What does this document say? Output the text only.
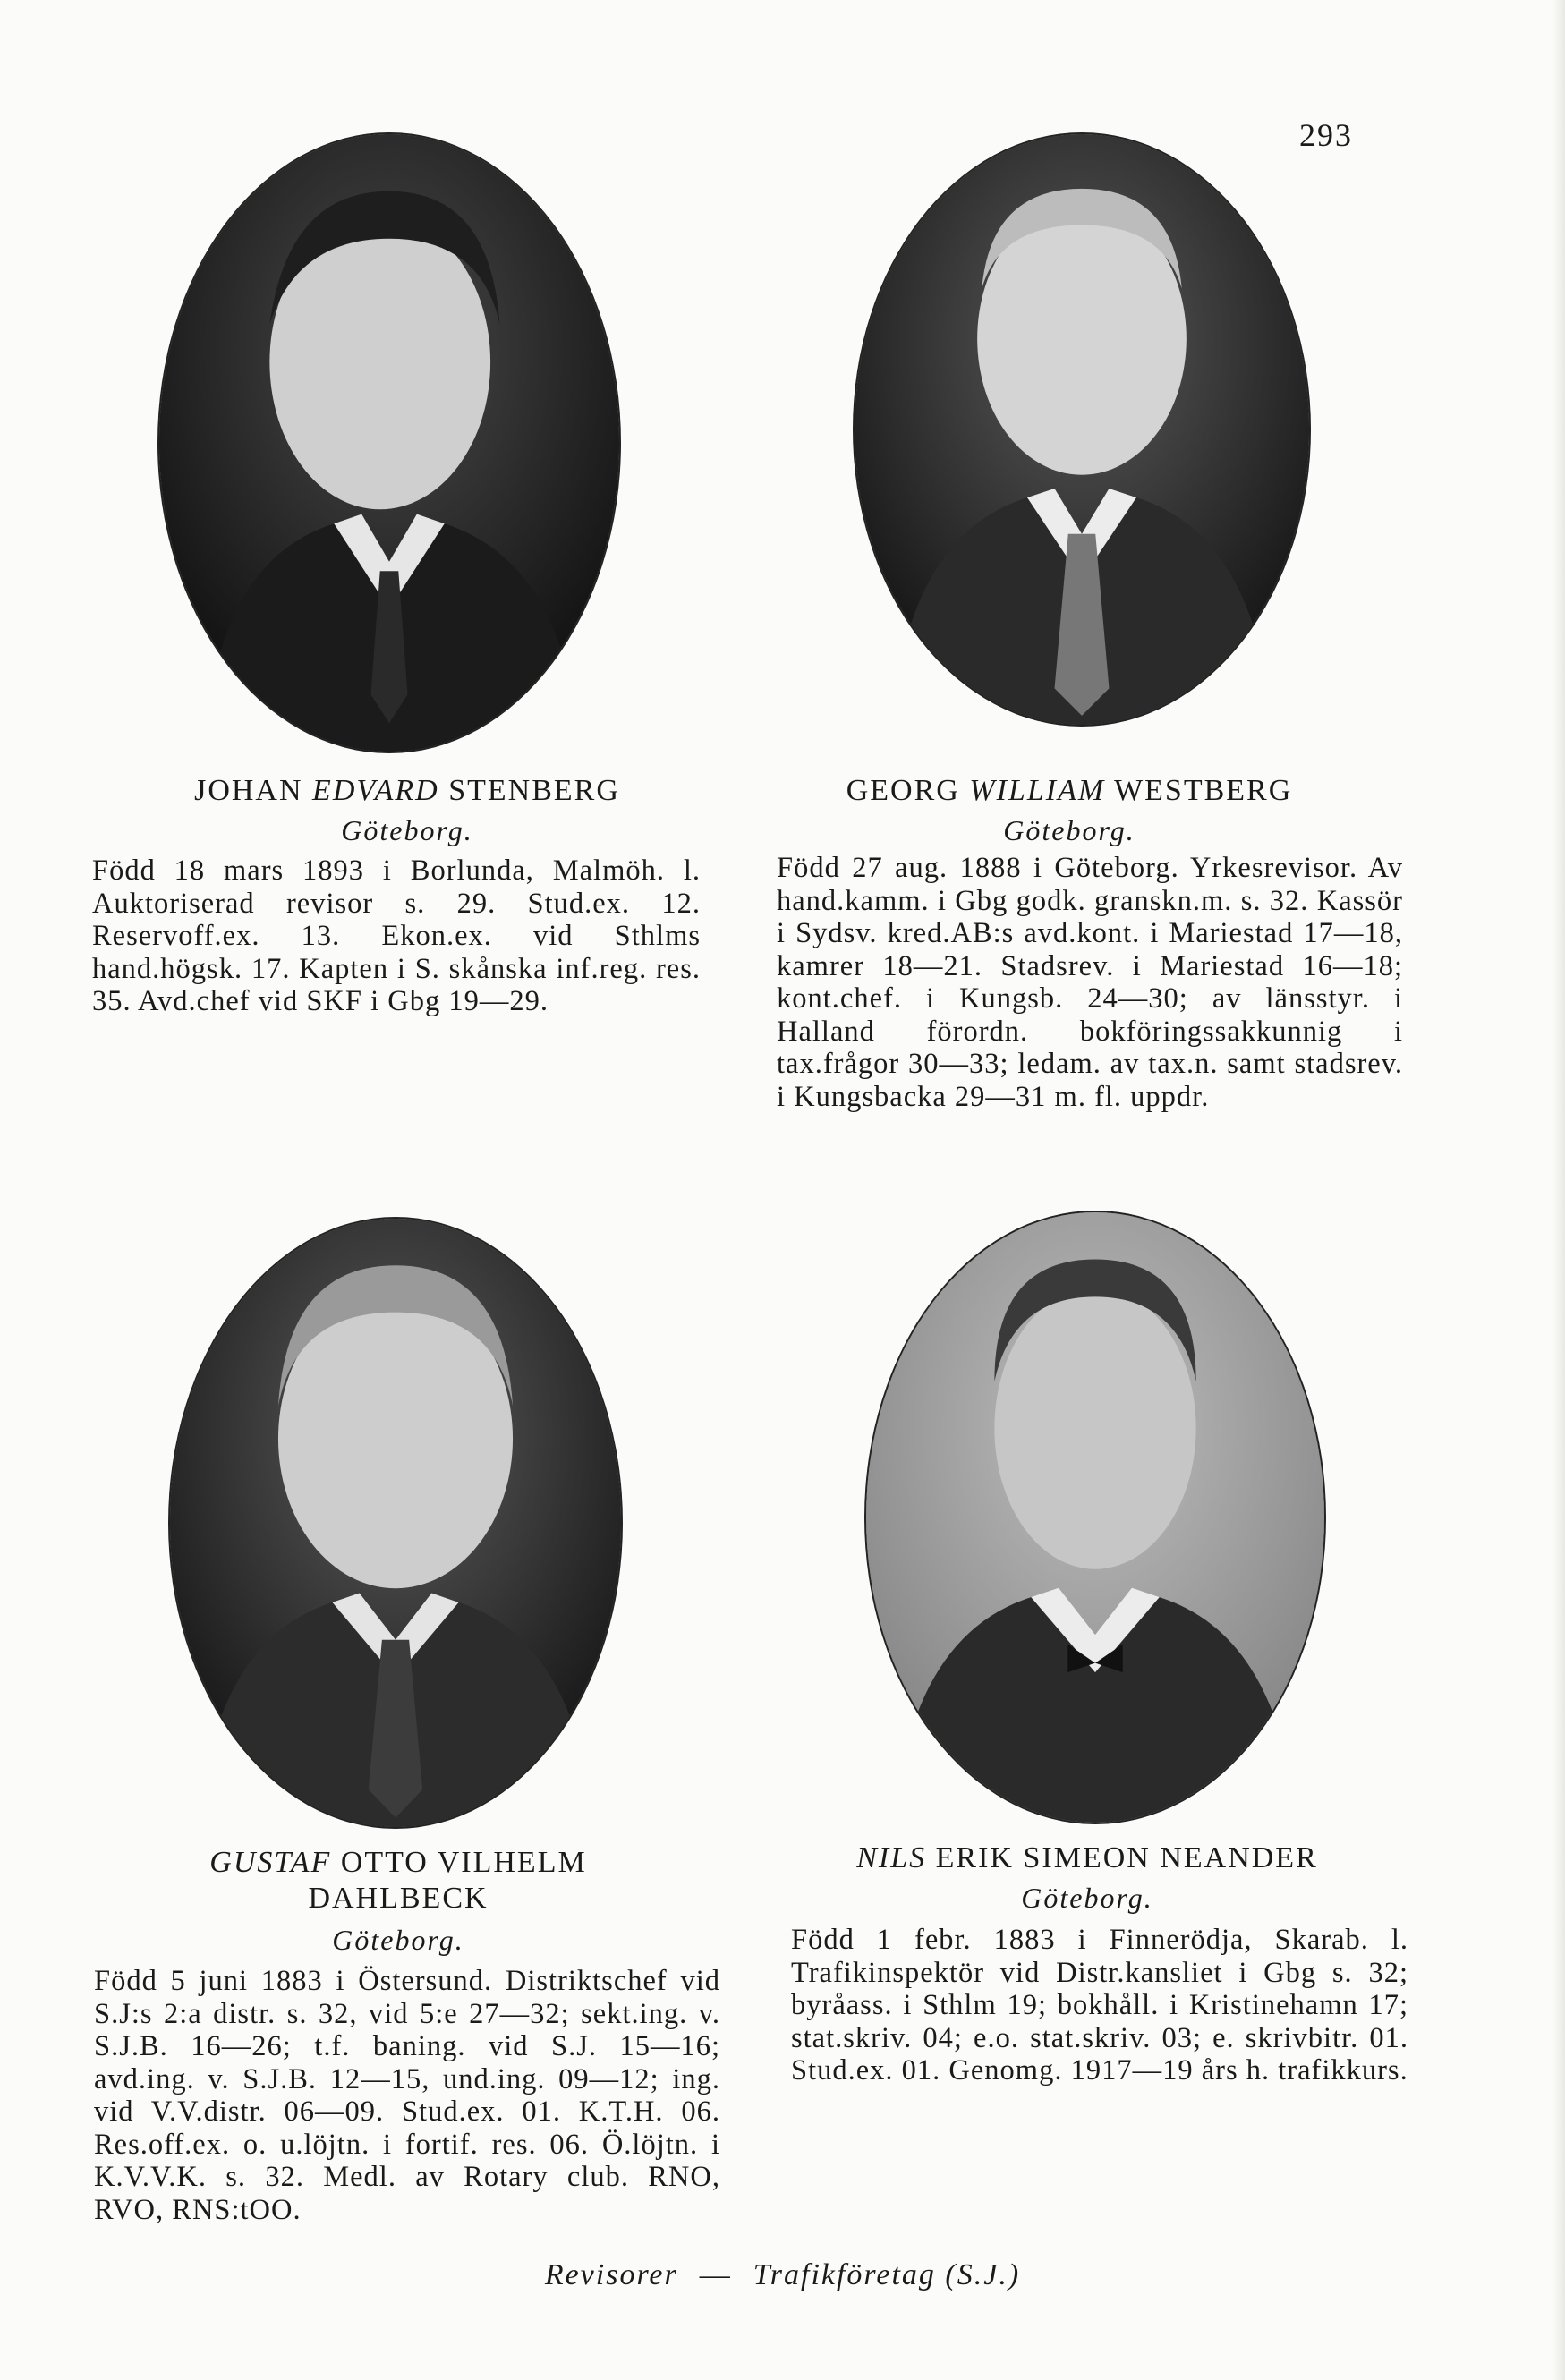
293
JOHAN EDVARD STENBERG
Göteborg.

Född 18 mars 1893 i Borlunda, Malmöh. l. Auktoriserad revisor s. 29. Stud.ex. 12. Reservoff.ex. 13. Ekon.ex. vid Sthlms hand.högsk. 17. Kapten i S. skånska inf.reg. res. 35. Avd.chef vid SKF i Gbg 19—29.

GEORG WILLIAM WESTBERG
Göteborg.

Född 27 aug. 1888 i Göteborg. Yrkesrevisor. Av hand.kamm. i Gbg godk. granskn.m. s. 32. Kassör i Sydsv. kred.AB:s avd.kont. i Mariestad 17—18, kamrer 18—21. Stadsrev. i Mariestad 16—18; kont.chef. i Kungsb. 24—30; av länsstyr. i Halland förordn. bokföringssakkunnig i tax.frågor 30—33; ledam. av tax.n. samt stadsrev. i Kungsbacka 29—31 m. fl. uppdr.

GUSTAF OTTO VILHELM
DAHLBECK
Göteborg.

Född 5 juni 1883 i Östersund. Distriktschef vid S.J:s 2:a distr. s. 32, vid 5:e 27—32; sekt.ing. v. S.J.B. 16—26; t.f. baning. vid S.J. 15—16; avd.ing. v. S.J.B. 12—15, und.ing. 09—12; ing. vid V.V.distr. 06—09. Stud.ex. 01. K.T.H. 06. Res.off.ex. o. u.löjtn. i fortif. res. 06. Ö.löjtn. i K.V.V.K. s. 32. Medl. av Rotary club. RNO, RVO, RNS:tOO.

NILS ERIK SIMEON NEANDER
Göteborg.

Född 1 febr. 1883 i Finnerödja, Skarab. l. Trafikinspektör vid Distr.kansliet i Gbg s. 32; byråass. i Sthlm 19; bokhåll. i Kristinehamn 17; stat.skriv. 04; e.o. stat.skriv. 03; e. skrivbitr. 01. Stud.ex. 01. Genomg. 1917—19 års h. trafikkurs.

Revisorer — Trafikföretag (S.J.)
